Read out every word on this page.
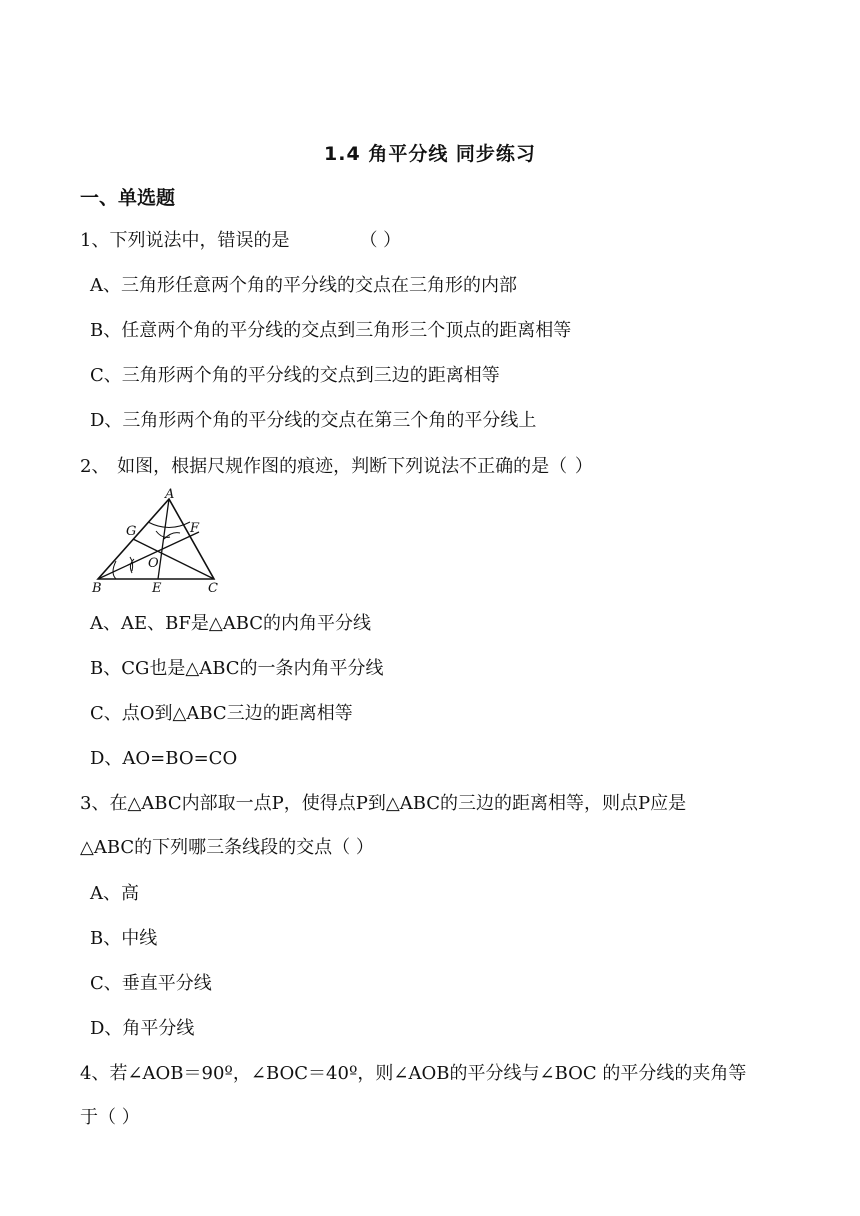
1.4 角平分线 同步练习
一、单选题
1、下列说法中，错误的是	（ ）
A、三角形任意两个角的平分线的交点在三角形的内部
B、任意两个角的平分线的交点到三角形三个顶点的距离相等
C、三角形两个角的平分线的交点到三边的距离相等
D、三角形两个角的平分线的交点在第三个角的平分线上
2、 如图，根据尺规作图的痕迹，判断下列说法不正确的是（ ）
A
G	F
O
B	E	C
A、AE、BF是△ABC的内角平分线
B、CG也是△ABC的一条内角平分线
C、点O到△ABC三边的距离相等
D、AO=BO=CO
3、在△ABC内部取一点P，使得点P到△ABC的三边的距离相等，则点P应是
△ABC的下列哪三条线段的交点（ ）
A、高
B、中线
C、垂直平分线
D、角平分线
4、若∠AOB＝90º，∠BOC＝40º，则∠AOB的平分线与∠BOC 的平分线的夹角等
于（ ）
